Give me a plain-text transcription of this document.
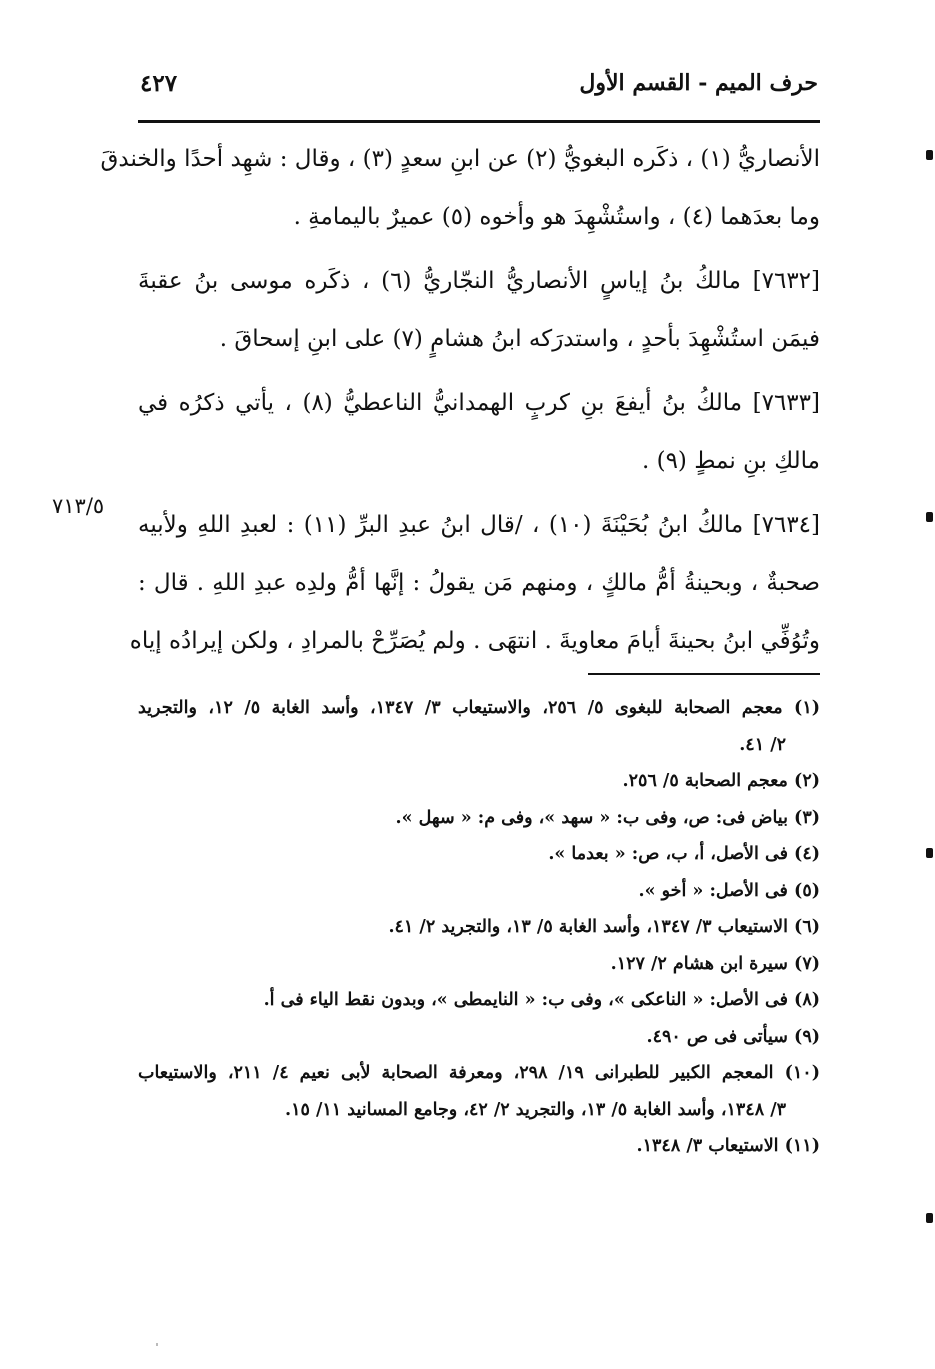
حرف الميم - القسم الأول
٤٢٧
الأنصاريُّ (١) ، ذكَره البغويُّ (٢) عن ابنِ سعدٍ (٣) ، وقال : شهِد أحدًا والخندقَ
وما بعدَهما (٤) ، واستُشْهِدَ هو وأخوه (٥) عميرٌ باليمامةِ .
[٧٦٣٢] مالكُ بنُ إياسٍ الأنصاريُّ النجّاريُّ (٦) ، ذكَره موسى بنُ عقبةَ
فيمَن استُشْهِدَ بأحدٍ ، واستدرَكه ابنُ هشامٍ (٧) على ابنِ إسحاقَ .
[٧٦٣٣] مالكُ بنُ أيفعَ بنِ كربٍ الهمدانيُّ الناعطيُّ (٨) ، يأتي ذكرُه في
مالكِ بنِ نمطٍ (٩) .
[٧٦٣٤] مالكُ ابنُ بُحَيْنَةَ (١٠) ، /قال ابنُ عبدِ البرِّ (١١) : لعبدِ اللهِ ولأبيه
صحبةٌ ، وبحينةُ أمُّ مالكٍ ، ومنهم مَن يقولُ : إنَّها أمُّ ولدِه عبدِ اللهِ . قال :
وتُوُفِّي ابنُ بحينةَ أيامَ معاويةَ . انتهَى . ولم يُصَرِّحْ بالمرادِ ، ولكن إيرادُه إياه
٧١٣/٥
(١) معجم الصحابة للبغوى ٥/ ٢٥٦، والاستيعاب ٣/ ١٣٤٧، وأسد الغابة ٥/ ١٢، والتجريد
٢/ ٤١.
(٢) معجم الصحابة ٥/ ٢٥٦.
(٣) بياض فى: ص، وفى ب: « سهد »، وفى م: « سهل ».
(٤) فى الأصل، أ، ب، ص: « بعدما ».
(٥) فى الأصل: « أخو ».
(٦) الاستيعاب ٣/ ١٣٤٧، وأسد الغابة ٥/ ١٣، والتجريد ٢/ ٤١.
(٧) سيرة ابن هشام ٢/ ١٢٧.
(٨) فى الأصل: « الناعكى »، وفى ب: « النايمطى »، وبدون نقط الياء فى أ.
(٩) سيأتى فى ص ٤٩٠.
(١٠) المعجم الكبير للطبرانى ١٩/ ٢٩٨، ومعرفة الصحابة لأبى نعيم ٤/ ٢١١، والاستيعاب
٣/ ١٣٤٨، وأسد الغابة ٥/ ١٣، والتجريد ٢/ ٤٢، وجامع المسانيد ١١/ ١٥.
(١١) الاستيعاب ٣/ ١٣٤٨.
